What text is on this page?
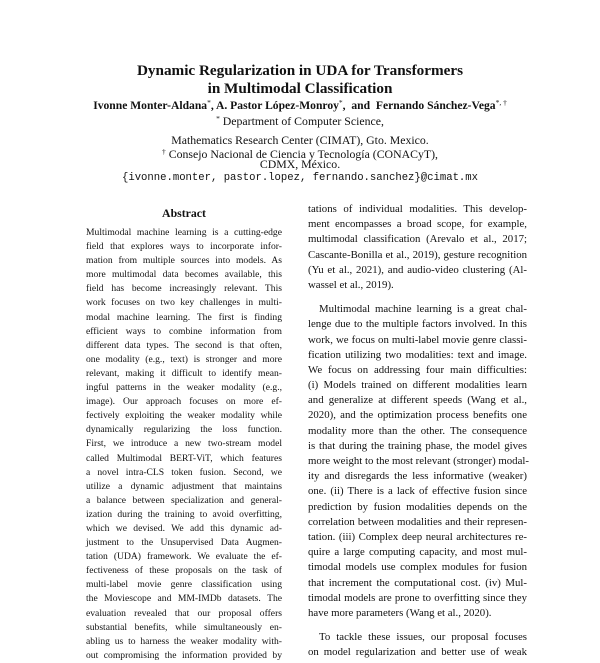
Dynamic Regularization in UDA for Transformers
in Multimodal Classification
Ivonne Monter-Aldana*, A. Pastor López-Monroy*,  and  Fernando Sánchez-Vega*, †
* Department of Computer Science,
Mathematics Research Center (CIMAT), Gto. Mexico.
† Consejo Nacional de Ciencia y Tecnología (CONACyT),
CDMX, México.
{ivonne.monter, pastor.lopez, fernando.sanchez}@cimat.mx
Abstract
Multimodal machine learning is a cutting-edge
field that explores ways to incorporate infor-
mation from multiple sources into models. As
more multimodal data becomes available, this
field has become increasingly relevant. This
work focuses on two key challenges in multi-
modal machine learning. The first is finding
efficient ways to combine information from
different data types. The second is that often,
one modality (e.g., text) is stronger and more
relevant, making it difficult to identify mean-
ingful patterns in the weaker modality (e.g.,
image). Our approach focuses on more ef-
fectively exploiting the weaker modality while
dynamically regularizing the loss function.
First, we introduce a new two-stream model
called Multimodal BERT-ViT, which features
a novel intra-CLS token fusion. Second, we
utilize a dynamic adjustment that maintains
a balance between specialization and general-
ization during the training to avoid overfitting,
which we devised. We add this dynamic ad-
justment to the Unsupervised Data Augmen-
tation (UDA) framework. We evaluate the ef-
fectiveness of these proposals on the task of
multi-label movie genre classification using
the Moviescope and MM-IMDb datasets. The
evaluation revealed that our proposal offers
substantial benefits, while simultaneously en-
abling us to harness the weaker modality with-
out compromising the information provided by
tations of individual modalities. This develop-
ment encompasses a broad scope, for example,
multimodal classification (Arevalo et al., 2017;
Cascante-Bonilla et al., 2019), gesture recognition
(Yu et al., 2021), and audio-video clustering (Al-
wassel et al., 2019).
Multimodal machine learning is a great chal-
lenge due to the multiple factors involved. In this
work, we focus on multi-label movie genre classi-
fication utilizing two modalities: text and image.
We focus on addressing four main difficulties:
(i) Models trained on different modalities learn
and generalize at different speeds (Wang et al.,
2020), and the optimization process benefits one
modality more than the other. The consequence
is that during the training phase, the model gives
more weight to the most relevant (stronger) modal-
ity and disregards the less informative (weaker)
one. (ii) There is a lack of effective fusion since
prediction by fusion modalities depends on the
correlation between modalities and their represen-
tation. (iii) Complex deep neural architectures re-
quire a large computing capacity, and most mul-
timodal models use complex modules for fusion
that increment the computational cost. (iv) Mul-
timodal models are prone to overfitting since they
have more parameters (Wang et al., 2020).
To tackle these issues, our proposal focuses
on model regularization and better use of weak
